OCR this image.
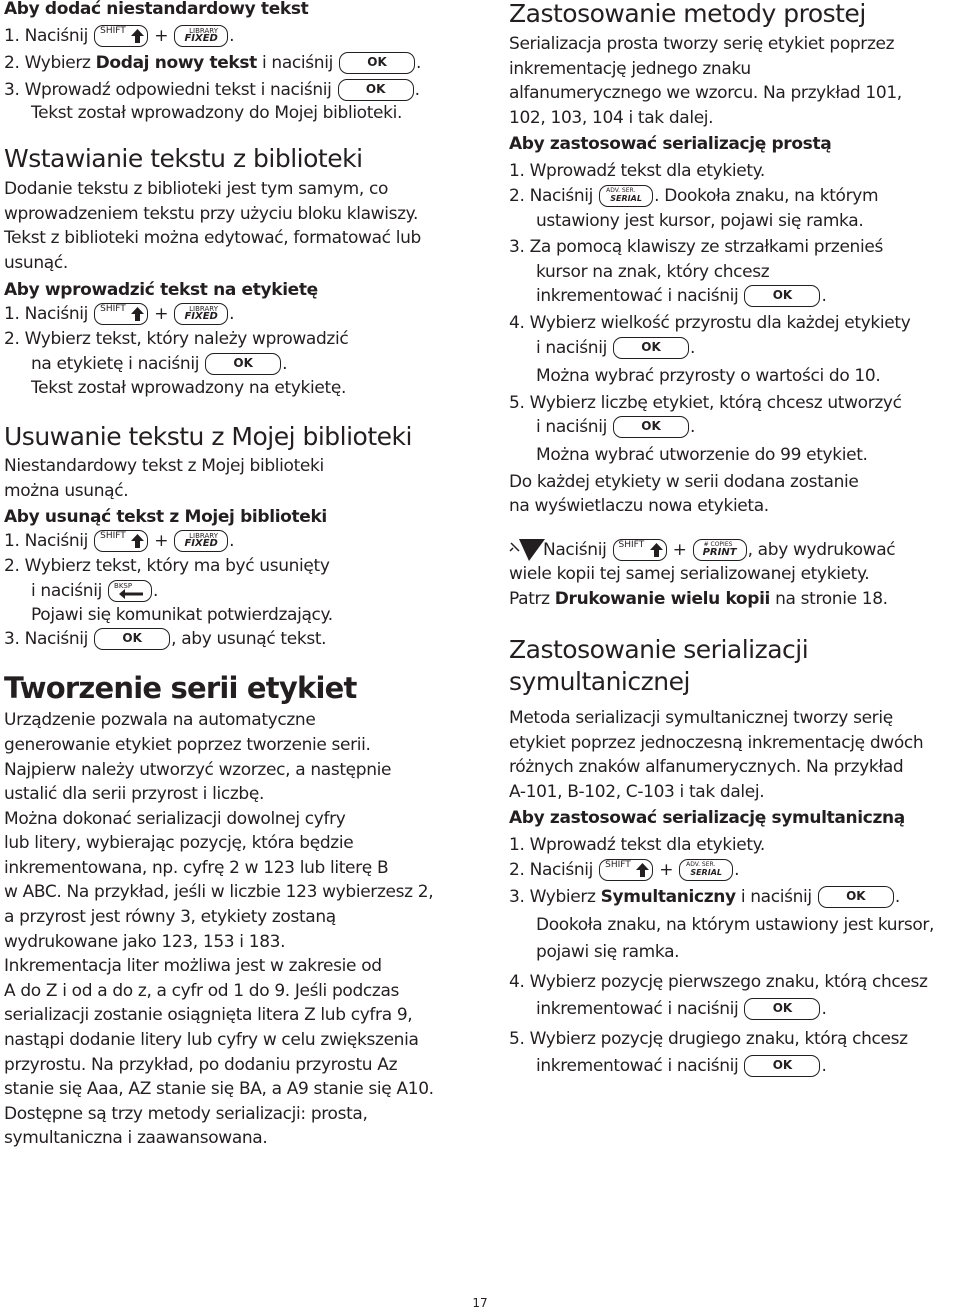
Aby dodać niestandardowy tekst

1. Naciśnij SHIFT +	LIBRARY
FIXED .

2. Wybierz Dodaj nowy tekst i naciśnij	OK	.

3. Wprowadź odpowiedni tekst i naciśnij	OK	.

Tekst został wprowadzony do Mojej biblioteki.

Wstawianie tekstu z biblioteki

Dodanie tekstu z biblioteki jest tym samym, co

wprowadzeniem tekstu przy użyciu bloku klawiszy.

Tekst z biblioteki można edytować, formatować lub

usunąć.

Aby wprowadzić tekst na etykietę

1. Naciśnij SHIFT +	LIBRARY
FIXED .

2. Wybierz tekst, który należy wprowadzić

na etykietę i naciśnij	OK	.

Tekst został wprowadzony na etykietę.

Usuwanie tekstu z Mojej biblioteki

Niestandardowy tekst z Mojej biblioteki

można usunąć.

Aby usunąć tekst z Mojej biblioteki

1. Naciśnij SHIFT +	LIBRARY
FIXED .

2. Wybierz tekst, który ma być usunięty

i naciśnij BKSP .

Pojawi się komunikat potwierdzający.

3. Naciśnij	OK	, aby usunąć tekst.

Tworzenie serii etykiet

Urządzenie pozwala na automatyczne

generowanie etykiet poprzez tworzenie serii.

Najpierw należy utworzyć wzorzec, a następnie

ustalić dla serii przyrost i liczbę.

Można dokonać serializacji dowolnej cyfry

lub litery, wybierając pozycję, która będzie

inkrementowana, np. cyfrę 2 w 123 lub literę B

w ABC. Na przykład, jeśli w liczbie 123 wybierzesz 2,

a przyrost jest równy 3, etykiety zostaną

wydrukowane jako 123, 153 i 183.

Inkrementacja liter możliwa jest w zakresie od

A do Z i od a do z, a cyfr od 1 do 9. Jeśli podczas

serializacji zostanie osiągnięta litera Z lub cyfra 9,

nastąpi dodanie litery lub cyfry w celu zwiększenia

przyrostu. Na przykład, po dodaniu przyrostu Az

stanie się Aaa, AZ stanie się BA, a A9 stanie się A10.

Dostępne są trzy metody serializacji: prosta,

symultaniczna i zaawansowana.

Zastosowanie metody prostej

Serializacja prosta tworzy serię etykiet poprzez

inkrementację jednego znaku

alfanumerycznego we wzorcu. Na przykład 101,

102, 103, 104 i tak dalej.

Aby zastosować serializację prostą

1. Wprowadź tekst dla etykiety.

2. Naciśnij ADV. SER.
SERIAL . Dookoła znaku, na którym

ustawiony jest kursor, pojawi się ramka.

3. Za pomocą klawiszy ze strzałkami przenieś

kursor na znak, który chcesz

inkrementować i naciśnij	OK	.

4. Wybierz wielkość przyrostu dla każdej etykiety

i naciśnij	OK	.

Można wybrać przyrosty o wartości do 10.

5. Wybierz liczbę etykiet, którą chcesz utworzyć

i naciśnij	OK	.

Można wybrać utworzenie do 99 etykiet.

Do każdej etykiety w serii dodana zostanie

na wyświetlaczu nowa etykieta.

Naciśnij SHIFT +	# COPIES
PRINT , aby wydrukować

wiele kopii tej samej serializowanej etykiety.

Patrz Drukowanie wielu kopii na stronie 18.

Zastosowanie serializacji

symultanicznej

Metoda serializacji symultanicznej tworzy serię

etykiet poprzez jednoczesną inkrementację dwóch

różnych znaków alfanumerycznych. Na przykład

A-101, B-102, C-103 i tak dalej.

Aby zastosować serializację symultaniczną

1. Wprowadź tekst dla etykiety.

2. Naciśnij SHIFT + ADV. SER.
SERIAL .

3. Wybierz Symultaniczny i naciśnij	OK	.

Dookoła znaku, na którym ustawiony jest kursor,

pojawi się ramka.

4. Wybierz pozycję pierwszego znaku, którą chcesz

inkrementować i naciśnij	OK	.

5. Wybierz pozycję drugiego znaku, którą chcesz

inkrementować i naciśnij	OK	.

17
